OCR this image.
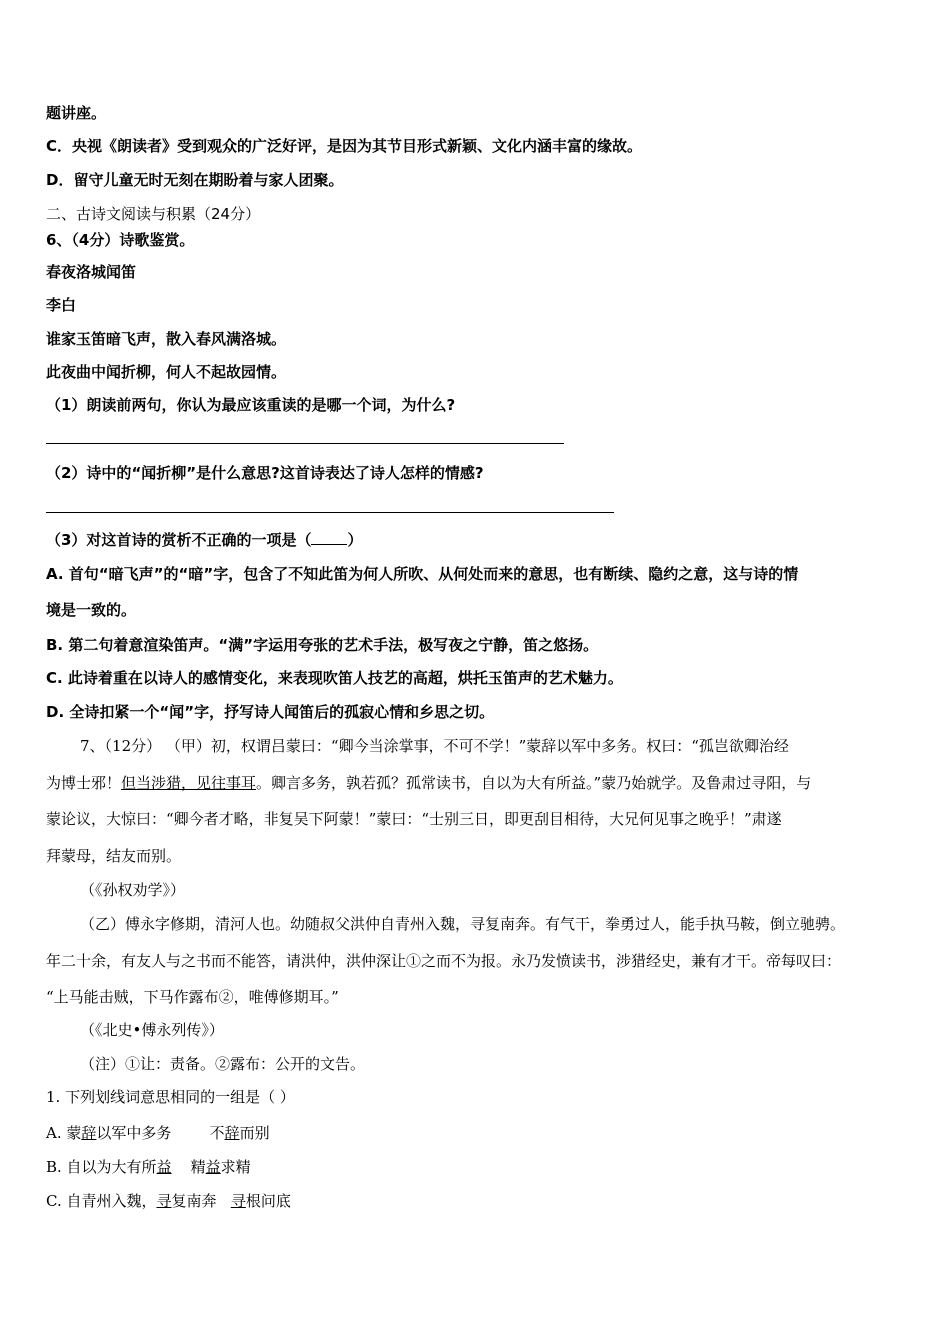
题讲座。
C．央视《朗读者》受到观众的广泛好评，是因为其节目形式新颖、文化内涵丰富的缘故。
D．留守儿童无时无刻在期盼着与家人团聚。
二、古诗文阅读与积累（24分）
6、（4分）诗歌鉴赏。
春夜洛城闻笛
李白
谁家玉笛暗飞声，散入春风满洛城。
此夜曲中闻折柳，何人不起故园情。
（1）朗读前两句，你认为最应该重读的是哪一个词，为什么?
（2）诗中的“闻折柳”是什么意思?这首诗表达了诗人怎样的情感?
（3）对这首诗的赏析不正确的一项是（ ）
A. 首句“暗飞声”的“暗”字，包含了不知此笛为何人所吹、从何处而来的意思，也有断续、隐约之意，这与诗的情
境是一致的。
B. 第二句着意渲染笛声。“满”字运用夸张的艺术手法，极写夜之宁静，笛之悠扬。
C. 此诗着重在以诗人的感情变化，来表现吹笛人技艺的高超，烘托玉笛声的艺术魅力。
D. 全诗扣紧一个“闻”字，抒写诗人闻笛后的孤寂心情和乡思之切。
7、（12分） （甲）初，权谓吕蒙曰：“卿今当涂掌事，不可不学！”蒙辞以军中多务。权曰：“孤岂欲卿治经
为博士邪！但当涉猎，见往事耳。卿言多务，孰若孤？孤常读书，自以为大有所益。”蒙乃始就学。及鲁肃过寻阳，与
蒙论议，大惊曰：“卿今者才略，非复吴下阿蒙！”蒙曰：“士别三日，即更刮目相待，大兄何见事之晚乎！”肃遂
拜蒙母，结友而别。
（《孙权劝学》）
（乙）傅永字修期，清河人也。幼随叔父洪仲自青州入魏，寻复南奔。有气干，拳勇过人，能手执马鞍，倒立驰骋。
年二十余，有友人与之书而不能答，请洪仲，洪仲深让①之而不为报。永乃发愤读书，涉猎经史，兼有才干。帝每叹曰：
“上马能击贼，下马作露布②，唯傅修期耳。”
（《北史•傅永列传》）
（注）①让：责备。②露布：公开的文告。
1. 下列划线词意思相同的一组是（ ）
A. 蒙辞以军中多务        不辞而别
B. 自以为大有所益    精益求精
C. 自青州入魏，寻复南奔   寻根问底
